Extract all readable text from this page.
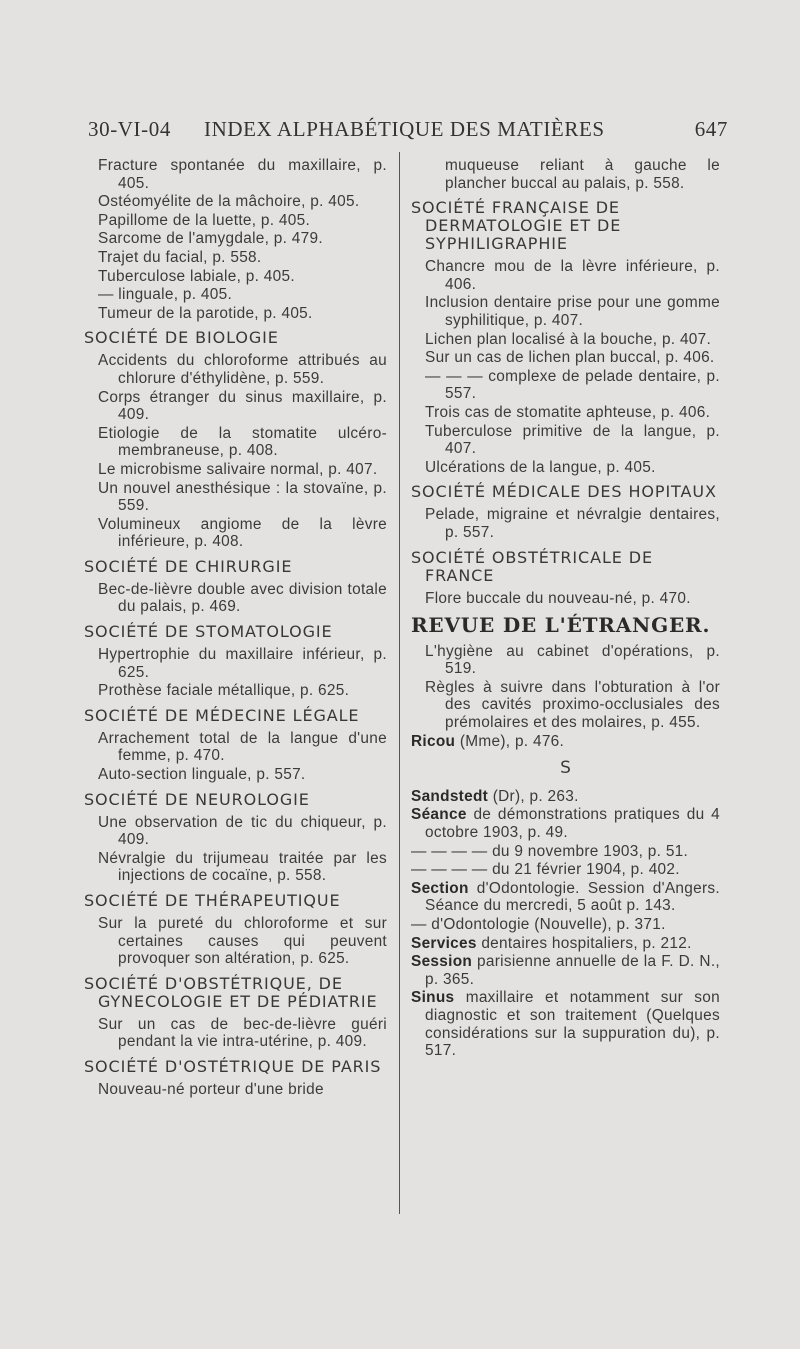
30-VI-04 INDEX ALPHABÉTIQUE DES MATIÈRES	647
Fracture spontanée du maxillaire, p. 405.
Ostéomyélite de la mâchoire, p. 405.
Papillome de la luette, p. 405.
Sarcome de l'amygdale, p. 479.
Trajet du facial, p. 558.
Tuberculose labiale, p. 405.
— linguale, p. 405.
Tumeur de la parotide, p. 405.
SOCIÉTÉ DE BIOLOGIE
Accidents du chloroforme attribués au chlorure d'éthylidène, p. 559.
Corps étranger du sinus maxillaire, p. 409.
Etiologie de la stomatite ulcéro-membraneuse, p. 408.
Le microbisme salivaire normal, p. 407.
Un nouvel anesthésique : la stovaïne, p. 559.
Volumineux angiome de la lèvre inférieure, p. 408.
SOCIÉTÉ DE CHIRURGIE
Bec-de-lièvre double avec division totale du palais, p. 469.
SOCIÉTÉ DE STOMATOLOGIE
Hypertrophie du maxillaire inférieur, p. 625.
Prothèse faciale métallique, p. 625.
SOCIÉTÉ DE MÉDECINE LÉGALE
Arrachement total de la langue d'une femme, p. 470.
Auto-section linguale, p. 557.
SOCIÉTÉ DE NEUROLOGIE
Une observation de tic du chiqueur, p. 409.
Névralgie du trijumeau traitée par les injections de cocaïne, p. 558.
SOCIÉTÉ DE THÉRAPEUTIQUE
Sur la pureté du chloroforme et sur certaines causes qui peuvent provoquer son altération, p. 625.
SOCIÉTÉ D'OBSTÉTRIQUE, DE GYNECOLOGIE ET DE PÉDIATRIE
Sur un cas de bec-de-lièvre guéri pendant la vie intra-utérine, p. 409.
SOCIÉTÉ D'OSTÉTRIQUE DE PARIS
Nouveau-né porteur d'une bride
muqueuse reliant à gauche le plancher buccal au palais, p. 558.
SOCIÉTÉ FRANÇAISE DE DERMATOLOGIE ET DE SYPHILIGRAPHIE
Chancre mou de la lèvre inférieure, p. 406.
Inclusion dentaire prise pour une gomme syphilitique, p. 407.
Lichen plan localisé à la bouche, p. 407.
Sur un cas de lichen plan buccal, p. 406.
— — — complexe de pelade dentaire, p. 557.
Trois cas de stomatite aphteuse, p. 406.
Tuberculose primitive de la langue, p. 407.
Ulcérations de la langue, p. 405.
SOCIÉTÉ MÉDICALE DES HOPITAUX
Pelade, migraine et névralgie dentaires, p. 557.
SOCIÉTÉ OBSTÉTRICALE DE FRANCE
Flore buccale du nouveau-né, p. 470.
REVUE DE L'ÉTRANGER.
L'hygiène au cabinet d'opérations, p. 519.
Règles à suivre dans l'obturation à l'or des cavités proximo-occlusiales des prémolaires et des molaires, p. 455.
Ricou (Mme), p. 476.
S
Sandstedt (Dr), p. 263.
Séance de démonstrations pratiques du 4 octobre 1903, p. 49.
— — — — du 9 novembre 1903, p. 51.
— — — — du 21 février 1904, p. 402.
Section d'Odontologie. Session d'Angers. Séance du mercredi, 5 août p. 143.
— d'Odontologie (Nouvelle), p. 371.
Services dentaires hospitaliers, p. 212.
Session parisienne annuelle de la F. D. N., p. 365.
Sinus maxillaire et notamment sur son diagnostic et son traitement (Quelques considérations sur la suppuration du), p. 517.
